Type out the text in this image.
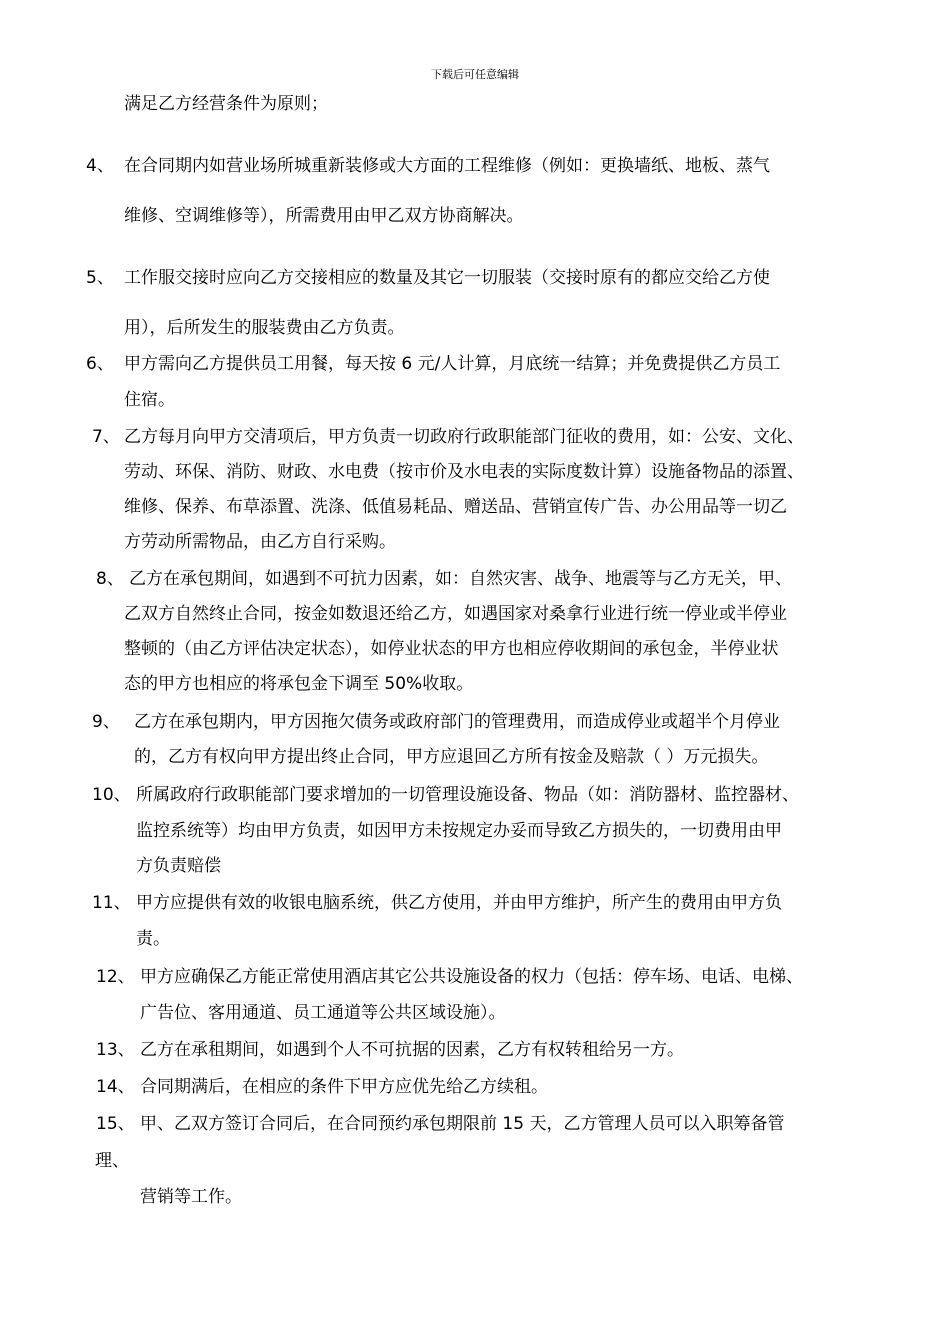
下载后可任意编辑
满足乙方经营条件为原则；
4、 在合同期内如营业场所城重新装修或大方面的工程维修（例如：更换墙纸、地板、蒸气
维修、空调维修等），所需费用由甲乙双方协商解决。
5、 工作服交接时应向乙方交接相应的数量及其它一切服装（交接时原有的都应交给乙方使
用），后所发生的服装费由乙方负责。
6、 甲方需向乙方提供员工用餐，每天按 6 元/人计算，月底统一结算；并免费提供乙方员工
住宿。
7、 乙方每月向甲方交清项后，甲方负责一切政府行政职能部门征收的费用，如：公安、文化、
劳动、环保、消防、财政、水电费（按市价及水电表的实际度数计算）设施备物品的添置、
维修、保养、布草添置、洗涤、低值易耗品、赠送品、营销宣传广告、办公用品等一切乙
方劳动所需物品，由乙方自行采购。
8、 乙方在承包期间，如遇到不可抗力因素，如：自然灾害、战争、地震等与乙方无关，甲、
乙双方自然终止合同，按金如数退还给乙方，如遇国家对桑拿行业进行统一停业或半停业
整顿的（由乙方评估决定状态），如停业状态的甲方也相应停收期间的承包金，半停业状
态的甲方也相应的将承包金下调至 50%收取。
9、 乙方在承包期内，甲方因拖欠债务或政府部门的管理费用，而造成停业或超半个月停业
的，乙方有权向甲方提出终止合同，甲方应退回乙方所有按金及赔款（ ）万元损失。
10、 所属政府行政职能部门要求增加的一切管理设施设备、物品（如：消防器材、监控器材、
监控系统等）均由甲方负责，如因甲方未按规定办妥而导致乙方损失的，一切费用由甲
方负责赔偿
11、 甲方应提供有效的收银电脑系统，供乙方使用，并由甲方维护，所产生的费用由甲方负
责。
12、 甲方应确保乙方能正常使用酒店其它公共设施设备的权力（包括：停车场、电话、电梯、
广告位、客用通道、员工通道等公共区域设施）。
13、 乙方在承租期间，如遇到个人不可抗据的因素，乙方有权转租给另一方。
14、 合同期满后，在相应的条件下甲方应优先给乙方续租。
15、 甲、乙双方签订合同后，在合同预约承包期限前 15 天，乙方管理人员可以入职筹备管
理、
营销等工作。
